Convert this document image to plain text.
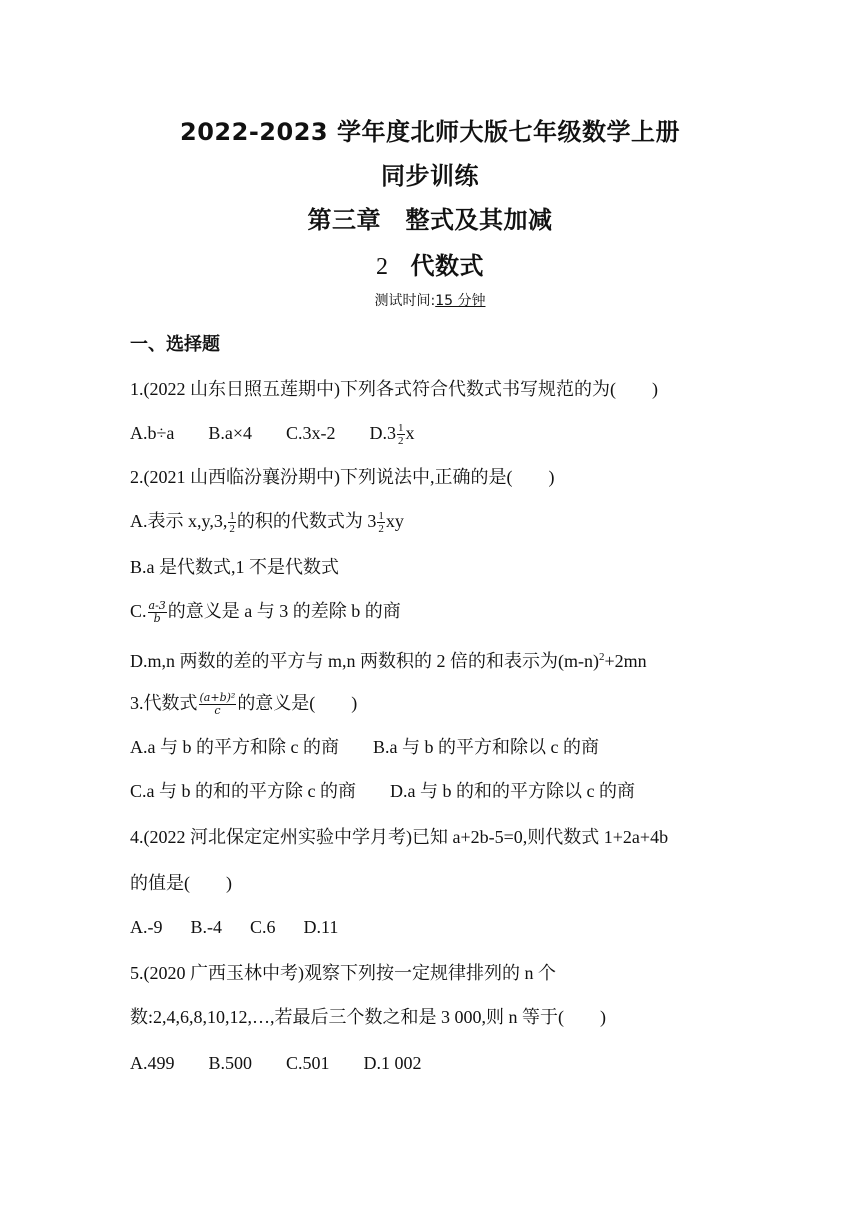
2022-2023 学年度北师大版七年级数学上册
同步训练
第三章　整式及其加减
2 代数式
测试时间:15 分钟
一、选择题
1.(2022 山东日照五莲期中)下列各式符合代数式书写规范的为(　　)
A.b÷a B.a×4 C.3x-2 $D.3 \frac{1}{2}$ x
2.(2021 山西临汾襄汾期中)下列说法中,正确的是(　　)
A.表示 x,y,3, $\frac{1}{2}$ 的积的代数式为 $3 \frac{1}{2}$ xy
B.a 是代数式,1 不是代数式
C. $\frac{a-3}{b}$ 的意义是 a 与 3 的差除 b 的商
D.m,n 两数的差的平方与 m,n 两数积的 2 倍的和表示为$(m-n)^2+2mn$
3.代数式 $\frac{\text{(a+b)²}}{c}$ 的意义是(　　)
A.a 与 b 的平方和除 c 的商 B.a 与 b 的平方和除以 c 的商
C.a 与 b 的和的平方除 c 的商 D.a 与 b 的和的平方除以 c 的商
4.(2022 河北保定定州实验中学月考)已知 a+2b-5=0,则代数式 1+2a+4b
的值是(　　)
A.-9 B.-4 C.6 D.11
5.(2020 广西玉林中考)观察下列按一定规律排列的 n 个
数:2,4,6,8,10,12,…,若最后三个数之和是 3 000,则 n 等于(　　)
A.499 B.500 C.501 D.1 002
